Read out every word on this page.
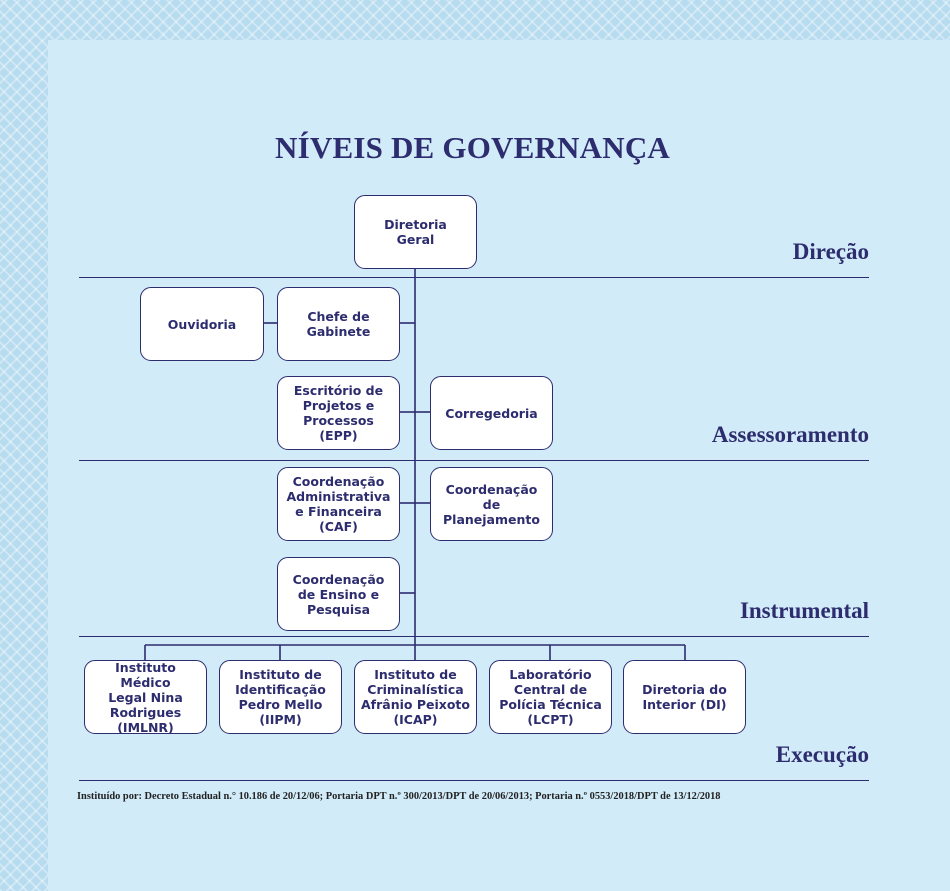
NÍVEIS DE GOVERNANÇA
Direção
Assessoramento
Instrumental
Execução
Diretoria
Geral
Ouvidoria	Chefe de
Gabinete
Escritório de
Projetos e
Processos
(EPP)
Corregedoria
Coordenação
Administrativa
e Financeira
(CAF)
Coordenação de
Planejamento
Coordenação
de Ensino e
Pesquisa
Instituto Médico
Legal Nina
Rodrigues
(IMLNR)
Instituto de
Identificação
Pedro Mello
(IIPM)
Instituto de
Criminalística
Afrânio Peixoto
(ICAP)
Laboratório
Central de
Polícia Técnica
(LCPT)
Diretoria do
Interior (DI)
Instituído por: Decreto Estadual n.° 10.186 de 20/12/06; Portaria DPT n.º 300/2013/DPT de 20/06/2013; Portaria n.º 0553/2018/DPT de 13/12/2018
